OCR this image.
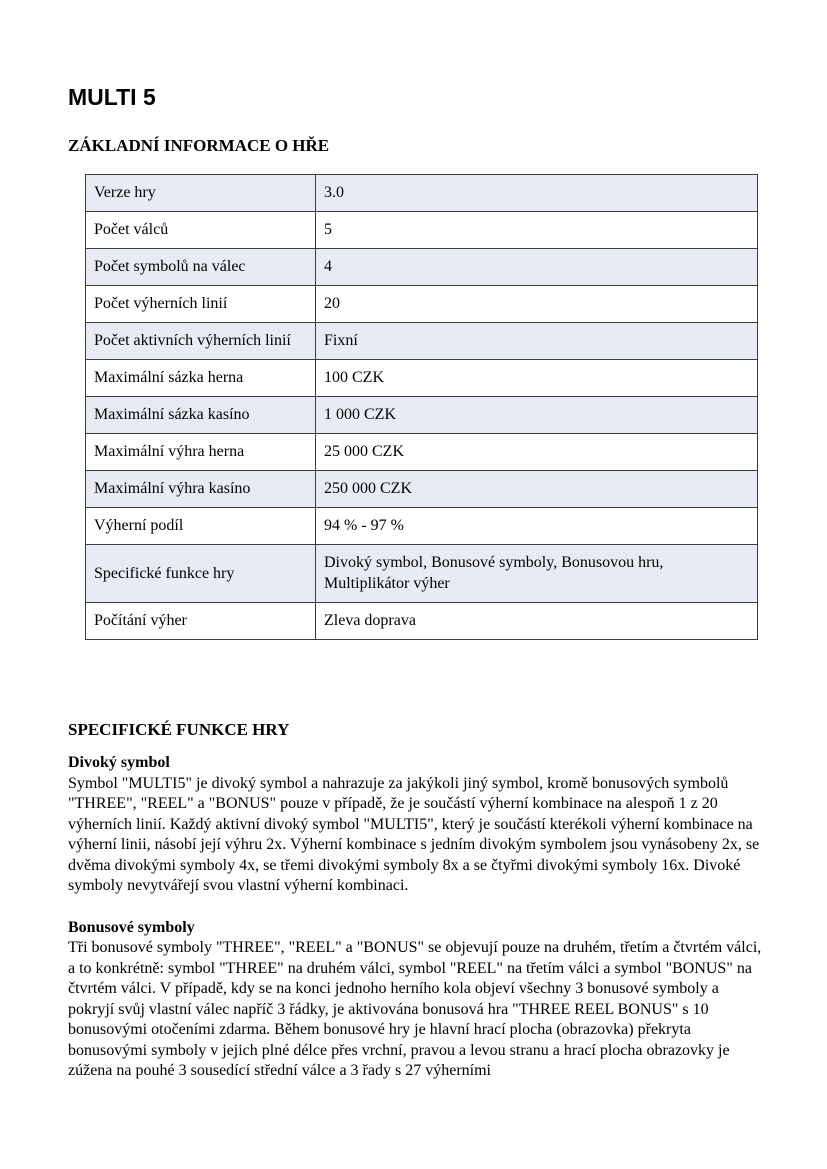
MULTI 5
ZÁKLADNÍ INFORMACE O HŘE
Verze hry	3.0
Počet válců	5
Počet symbolů na válec	4
Počet výherních linií	20
Počet aktivních výherních linií	Fixní
Maximální sázka herna	100 CZK
Maximální sázka kasíno	1 000 CZK
Maximální výhra herna	25 000 CZK
Maximální výhra kasíno	250 000 CZK
Výherní podíl	94 % - 97 %
Specifické funkce hry	Divoký symbol, Bonusové symboly, Bonusovou hru, Multiplikátor výher
Počítání výher	Zleva doprava
SPECIFICKÉ FUNKCE HRY
Divoký symbol
Symbol "MULTI5" je divoký symbol a nahrazuje za jakýkoli jiný symbol, kromě bonusových symbolů "THREE", "REEL" a "BONUS" pouze v případě, že je součástí výherní kombinace na alespoň 1 z 20 výherních linií. Každý aktivní divoký symbol "MULTI5", který je součástí kterékoli výherní kombinace na výherní linii, násobí její výhru 2x. Výherní kombinace s jedním divokým symbolem jsou vynásobeny 2x, se dvěma divokými symboly 4x, se třemi divokými symboly 8x a se čtyřmi divokými symboly 16x. Divoké symboly nevytvářejí svou vlastní výherní kombinaci.
Bonusové symboly
Tři bonusové symboly "THREE", "REEL" a "BONUS" se objevují pouze na druhém, třetím a čtvrtém válci, a to konkrétně: symbol "THREE" na druhém válci, symbol "REEL" na třetím válci a symbol "BONUS" na čtvrtém válci. V případě, kdy se na konci jednoho herního kola objeví všechny 3 bonusové symboly a pokryjí svůj vlastní válec napříč 3 řádky, je aktivována bonusová hra "THREE REEL BONUS" s 10 bonusovými otočeními zdarma. Během bonusové hry je hlavní hrací plocha (obrazovka) překryta bonusovými symboly v jejich plné délce přes vrchní, pravou a levou stranu a hrací plocha obrazovky je zúžena na pouhé 3 sousedící střední válce a 3 řady s 27 výherními
